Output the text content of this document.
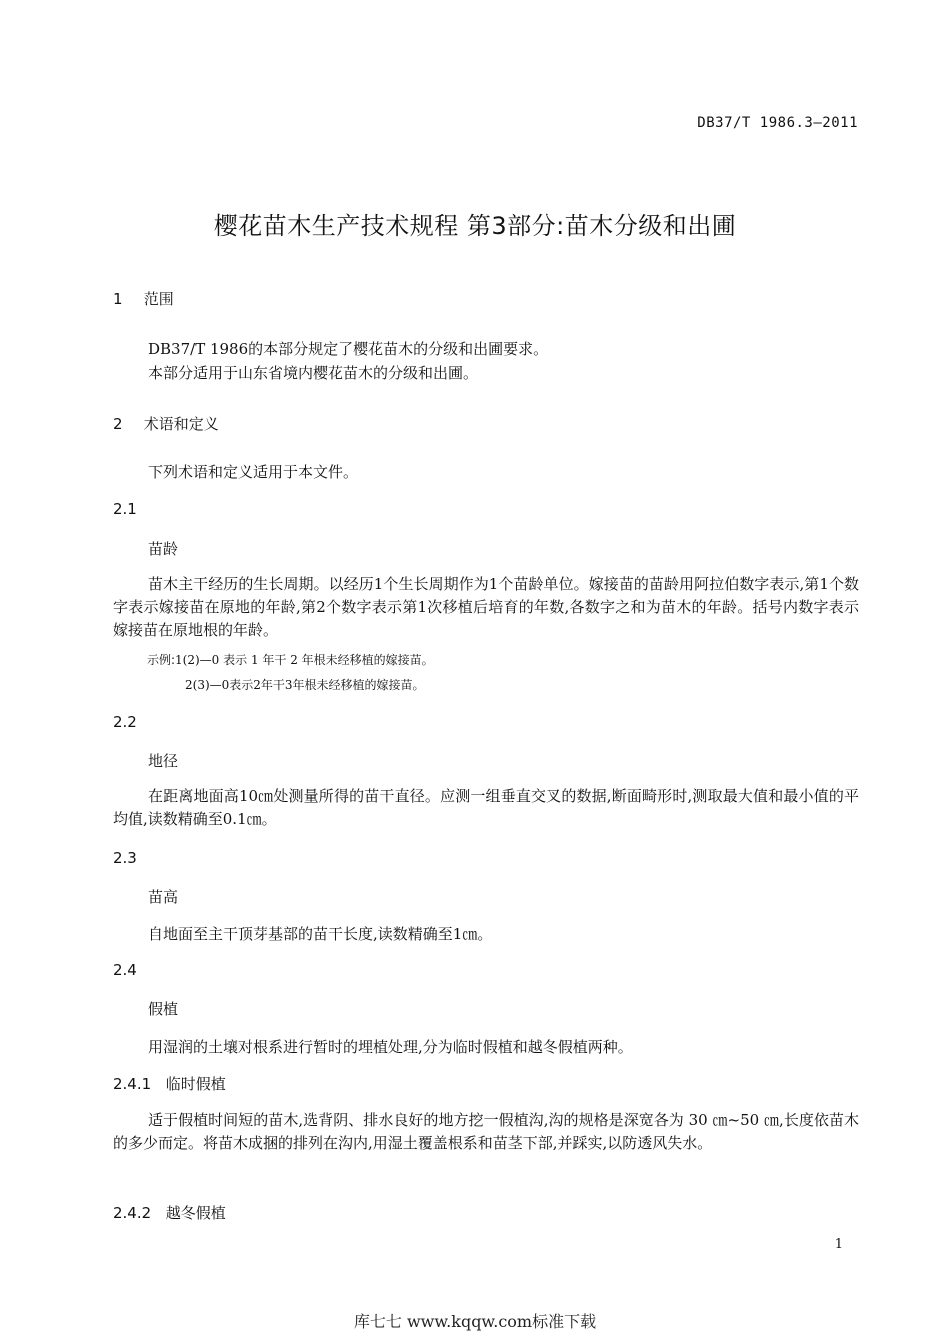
DB37/T 1986.3—2011
樱花苗木生产技术规程 第3部分:苗木分级和出圃
1 范围
DB37/T 1986的本部分规定了樱花苗木的分级和出圃要求。
本部分适用于山东省境内樱花苗木的分级和出圃。
2 术语和定义
下列术语和定义适用于本文件。
2.1
苗龄
苗木主干经历的生长周期。以经历1个生长周期作为1个苗龄单位。嫁接苗的苗龄用阿拉伯数字表示,第1个数字表示嫁接苗在原地的年龄,第2个数字表示第1次移植后培育的年数,各数字之和为苗木的年龄。括号内数字表示嫁接苗在原地根的年龄。
示例:1(2)—0 表示 1 年干 2 年根未经移植的嫁接苗。
2(3)—0表示2年干3年根未经移植的嫁接苗。
2.2
地径
在距离地面高10㎝处测量所得的苗干直径。应测一组垂直交叉的数据,断面畸形时,测取最大值和最小值的平均值,读数精确至0.1㎝。
2.3
苗高
自地面至主干顶芽基部的苗干长度,读数精确至1㎝。
2.4
假植
用湿润的土壤对根系进行暂时的埋植处理,分为临时假植和越冬假植两种。
2.4.1 临时假植
适于假植时间短的苗木,选背阴、排水良好的地方挖一假植沟,沟的规格是深宽各为 30 ㎝~50 ㎝,长度依苗木的多少而定。将苗木成捆的排列在沟内,用湿土覆盖根系和苗茎下部,并踩实,以防透风失水。
2.4.2 越冬假植
1
库七七 www.kqqw.com标准下载
